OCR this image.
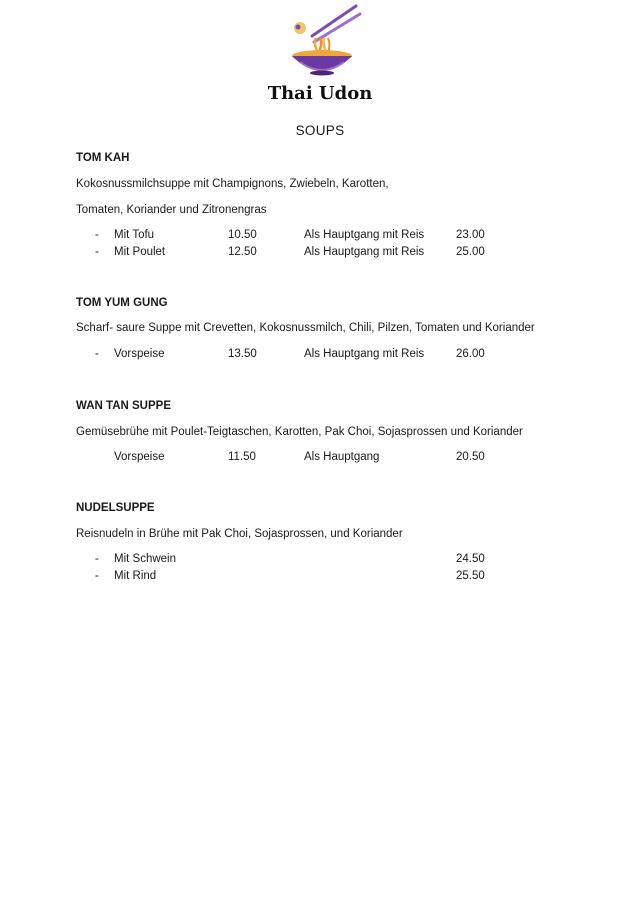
Thai Udon
SOUPS
TOM KAH
Kokosnussmilchsuppe mit Champignons, Zwiebeln, Karotten,
Tomaten, Koriander und Zitronengras
- Mit Tofu	10.50	Als Hauptgang mit Reis	23.00
- Mit Poulet	12.50	Als Hauptgang mit Reis	25.00
TOM YUM GUNG
Scharf- saure Suppe mit Crevetten, Kokosnussmilch, Chili, Pilzen, Tomaten und Koriander
- Vorspeise	13.50	Als Hauptgang mit Reis	26.00
WAN TAN SUPPE
Gemüsebrühe mit Poulet-Teigtaschen, Karotten, Pak Choi, Sojasprossen und Koriander
Vorspeise	11.50	Als Hauptgang	20.50
NUDELSUPPE
Reisnudeln in Brühe mit Pak Choi, Sojasprossen, und Koriander
- Mit Schwein	24.50
- Mit Rind	25.50
